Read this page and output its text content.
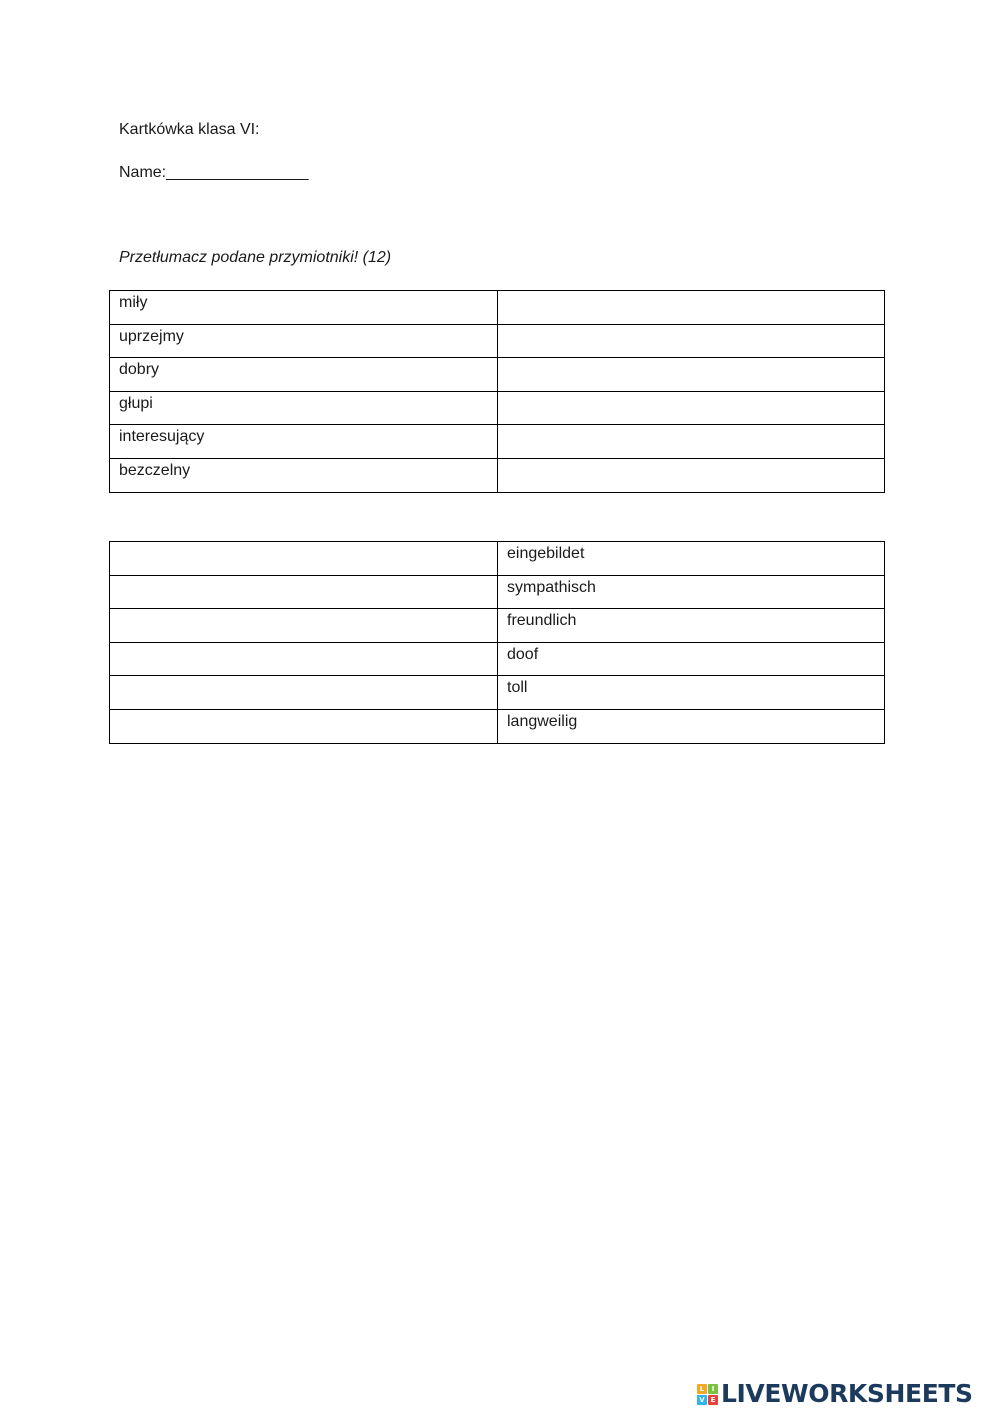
Kartkówka klasa VI:
Name:________________
Przetłumacz podane przymiotniki! (12)
miły	
uprzejmy	
dobry	
głupi	
interesujący	
bezczelny	
	eingebildet
	sympathisch
	freundlich
	doof
	toll
	langweilig
L	I
V E LIVEWORKSHEETS
